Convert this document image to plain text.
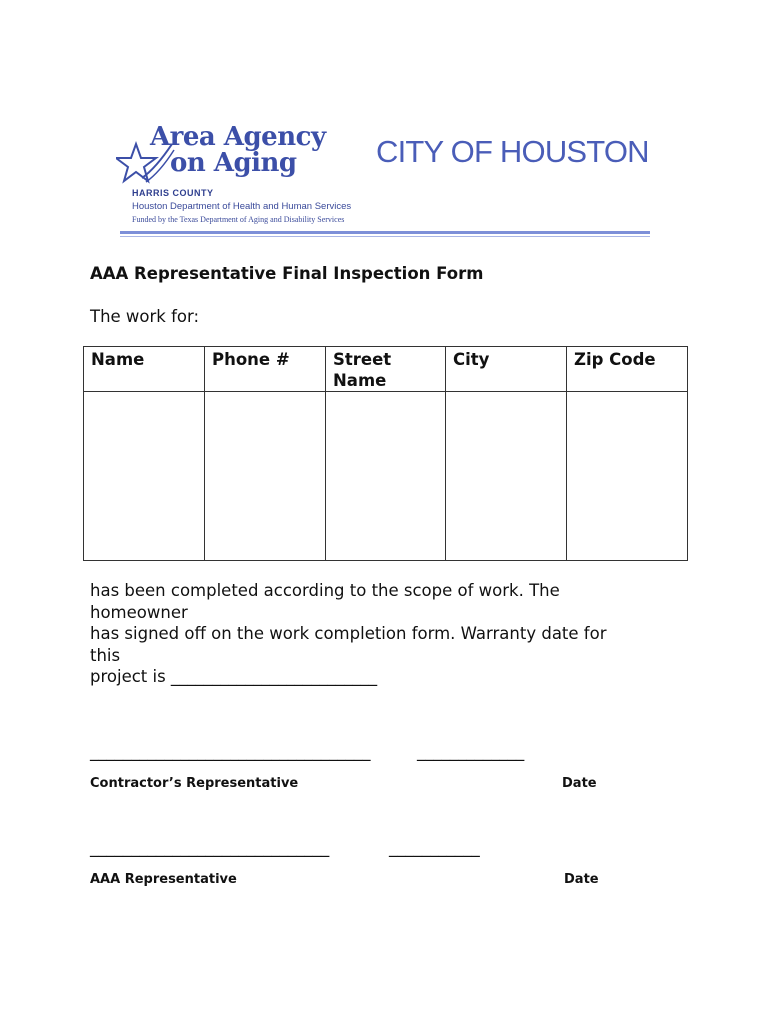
Area Agency
on Aging
HARRIS COUNTY
Houston Department of Health and Human Services
Funded by the Texas Department of Aging and Disability Services
CITY OF HOUSTON
AAA Representative Final Inspection Form
The work for:
Name	Phone #	Street Name	City	Zip Code

has been completed according to the scope of work. The
homeowner
has signed off on the work completion form. Warranty date for
this
project is _________________________
__________________________________	_____________
Contractor’s Representative	Date
_____________________________	___________
AAA Representative	Date
